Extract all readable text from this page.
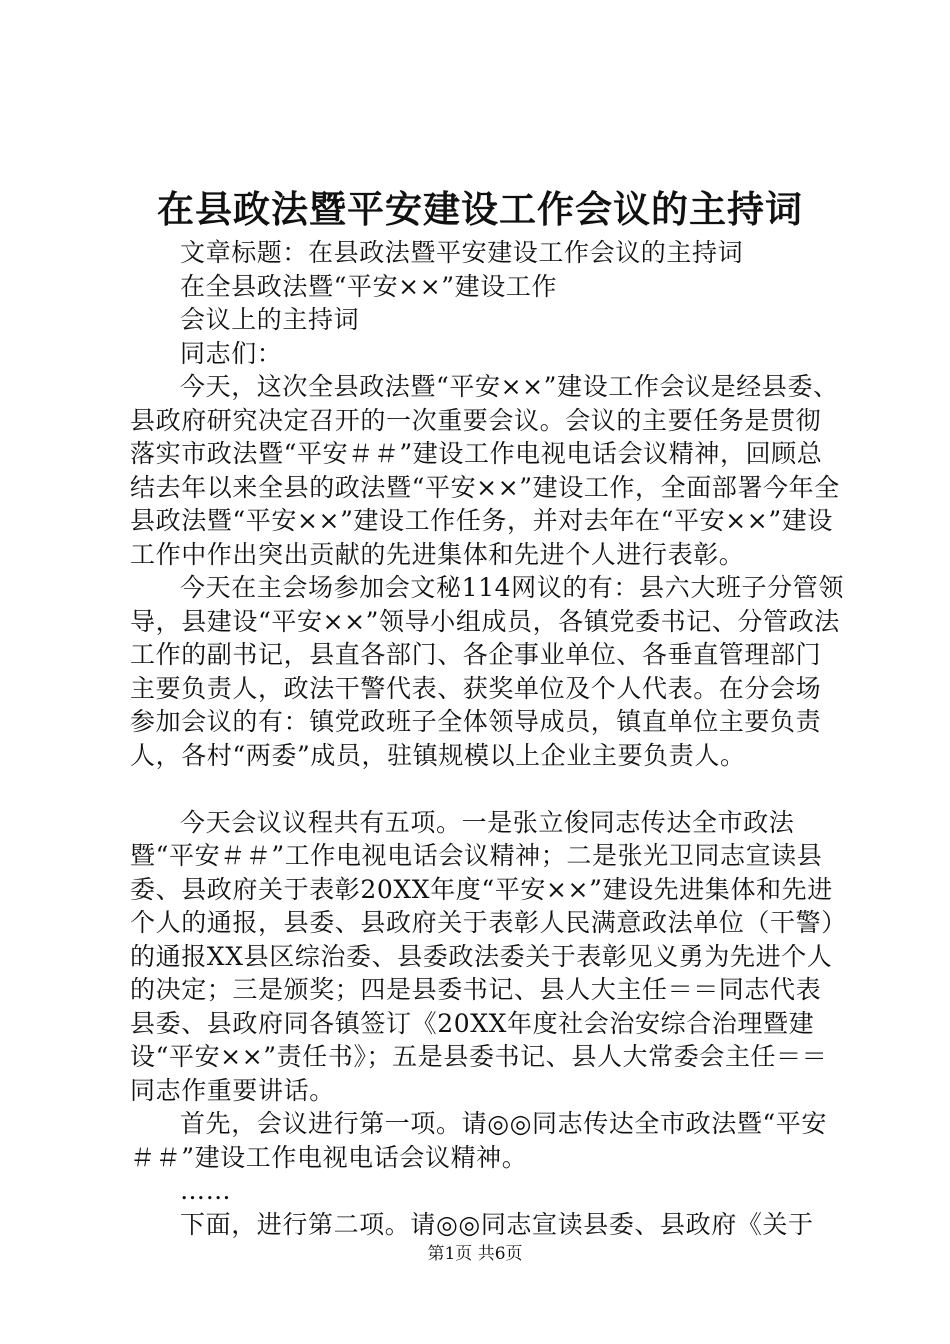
在县政法暨平安建设工作会议的主持词

文章标题：在县政法暨平安建设工作会议的主持词

在全县政法暨“平安××”建设工作

会议上的主持词

同志们：

今天，这次全县政法暨“平安××”建设工作会议是经县委、县政府研究决定召开的一次重要会议。会议的主要任务是贯彻落实市政法暨“平安＃＃”建设工作电视电话会议精神，回顾总结去年以来全县的政法暨“平安××”建设工作，全面部署今年全县政法暨“平安××”建设工作任务，并对去年在“平安××”建设工作中作出突出贡献的先进集体和先进个人进行表彰。

今天在主会场参加会文秘114网议的有：县六大班子分管领导，县建设“平安××”领导小组成员，各镇党委书记、分管政法工作的副书记，县直各部门、各企事业单位、各垂直管理部门主要负责人，政法干警代表、获奖单位及个人代表。在分会场参加会议的有：镇党政班子全体领导成员，镇直单位主要负责人，各村“两委”成员，驻镇规模以上企业主要负责人。

今天会议议程共有五项。一是张立俊同志传达全市政法暨“平安＃＃”工作电视电话会议精神；二是张光卫同志宣读县委、县政府关于表彰20XX年度“平安××”建设先进集体和先进个人的通报，县委、县政府关于表彰人民满意政法单位（干警）的通报XX县区综治委、县委政法委关于表彰见义勇为先进个人的决定；三是颁奖；四是县委书记、县人大主任＝＝同志代表县委、县政府同各镇签订《20XX年度社会治安综合治理暨建设“平安××”责任书》；五是县委书记、县人大常委会主任＝＝同志作重要讲话。

首先，会议进行第一项。请◎◎同志传达全市政法暨“平安＃＃”建设工作电视电话会议精神。

……

下面，进行第二项。请◎◎同志宣读县委、县政府《关于

第1页 共6页
